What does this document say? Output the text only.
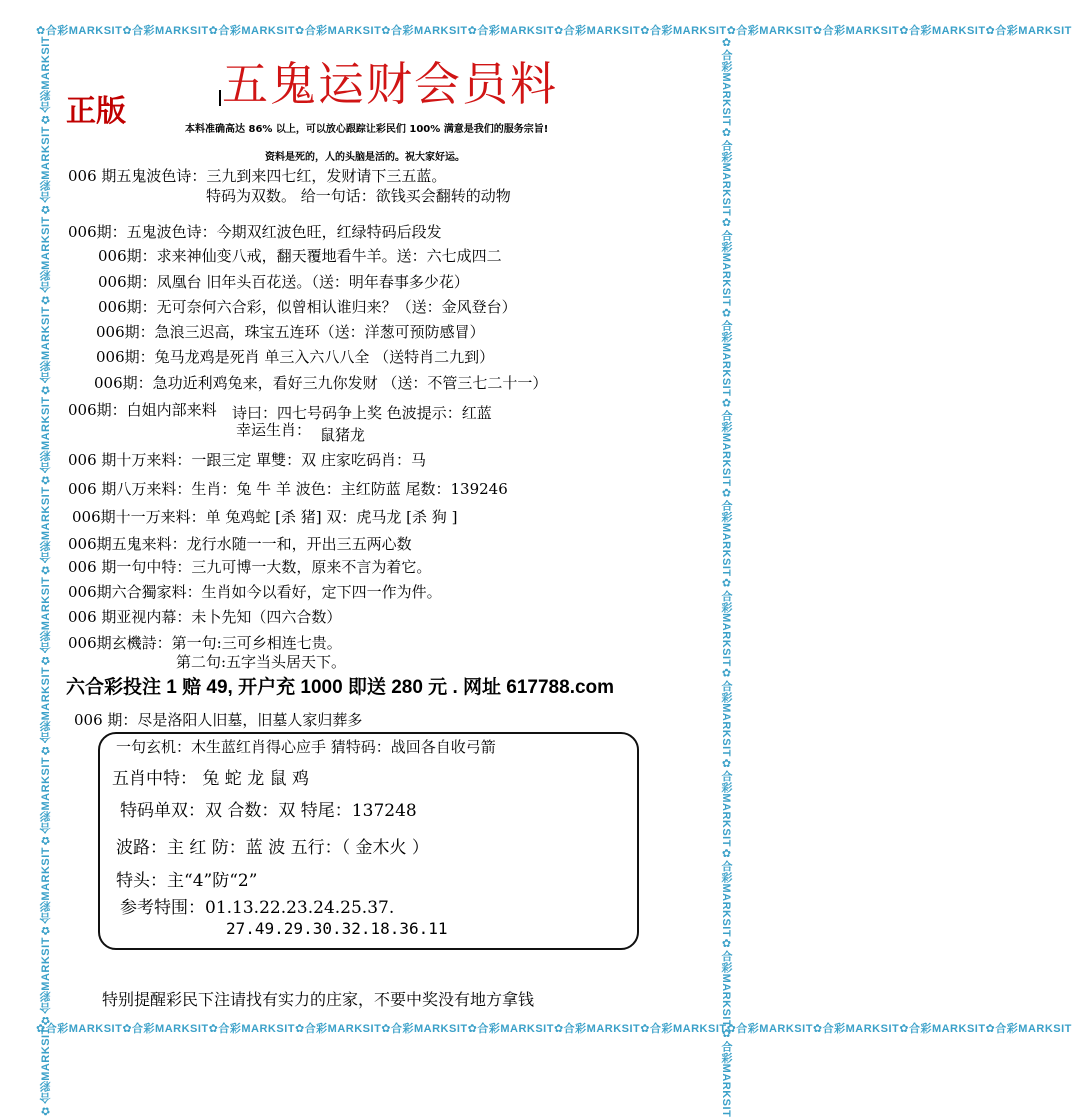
✿合彩MARKSIT✿合彩MARKSIT✿合彩MARKSIT✿合彩MARKSIT✿合彩MARKSIT✿合彩MARKSIT✿合彩MARKSIT✿合彩MARKSIT✿合彩MARKSIT✿合彩MARKSIT✿合彩MARKSIT✿合彩MARKSIT
✿合彩MARKSIT✿合彩MARKSIT✿合彩MARKSIT✿合彩MARKSIT✿合彩MARKSIT✿合彩MARKSIT✿合彩MARKSIT✿合彩MARKSIT✿合彩MARKSIT✿合彩MARKSIT✿合彩MARKSIT✿合彩MARKSIT
✿合彩MARKSIT✿合彩MARKSIT✿合彩MARKSIT✿合彩MARKSIT✿合彩MARKSIT✿合彩MARKSIT✿合彩MARKSIT✿合彩MARKSIT✿合彩MARKSIT✿合彩MARKSIT✿合彩MARKSIT✿合彩MARKSIT	✿合彩MARKSIT✿合彩MARKSIT✿合彩MARKSIT✿合彩MARKSIT✿合彩MARKSIT✿合彩MARKSIT✿合彩MARKSIT✿合彩MARKSIT✿合彩MARKSIT✿合彩MARKSIT✿合彩MARKSIT✿合彩MARKSIT
五鬼运财会员料
正版
本料准确高达 86% 以上，可以放心跟踪让彩民们 100% 满意是我们的服务宗旨!
资料是死的，人的头脑是活的。祝大家好运。
006 期五鬼波色诗：三九到来四七红，发财请下三五蓝。
特码为双数。 给一句话：欲钱买会翻转的动物
006期：五鬼波色诗：今期双红波色旺，红绿特码后段发
006期：求来神仙变八戒，翻天覆地看牛羊。送：六七成四二
006期：凤凰台 旧年头百花送。（送：明年春事多少花）
006期：无可奈何六合彩，似曾相认谁归来？（送：金风登台）
006期：急浪三迟高，珠宝五连环（送：洋葱可预防感冒）
006期：兔马龙鸡是死肖 单三入六八八全 （送特肖二九到）
006期：急功近利鸡兔来，看好三九你发财 （送：不管三七二十一）
006期：白姐内部来料 诗曰：四七号码争上奖 色波提示：红蓝
幸运生肖： 鼠猪龙
006 期十万来料：一跟三定 單雙：双 庄家吃码肖：马
006 期八万来料：生肖：兔 牛 羊 波色：主红防蓝 尾数：139246
006期十一万来料：单 兔鸡蛇 [杀 猪] 双：虎马龙 [杀 狗 ]
006期五鬼来料：龙行水随一一和，开出三五两心数
006 期一句中特：三九可博一大数，原来不言为着它。
006期六合獨家料：生肖如今以看好，定下四一作为件。
006 期亚视内幕：未卜先知（四六合数）
006期玄機詩：第一句:三可乡相连七贵。
第二句:五字当头居天下。
六合彩投注 1 赔 49, 开户充 1000 即送 280 元 . 网址 617788.com
006 期：尽是洛阳人旧墓，旧墓人家归葬多
一句玄机：木生蓝红肖得心应手 猜特码：战回各自收弓箭
五肖中特： 兔 蛇 龙 鼠 鸡
特码单双：双 合数：双 特尾：137248
波路：主 红 防：蓝 波 五行：（ 金木火 ）
特头：主“4”防“2”
参考特围：01.13.22.23.24.25.37.
27.49.29.30.32.18.36.11
特别提醒彩民下注请找有实力的庄家，不要中奖没有地方拿钱
